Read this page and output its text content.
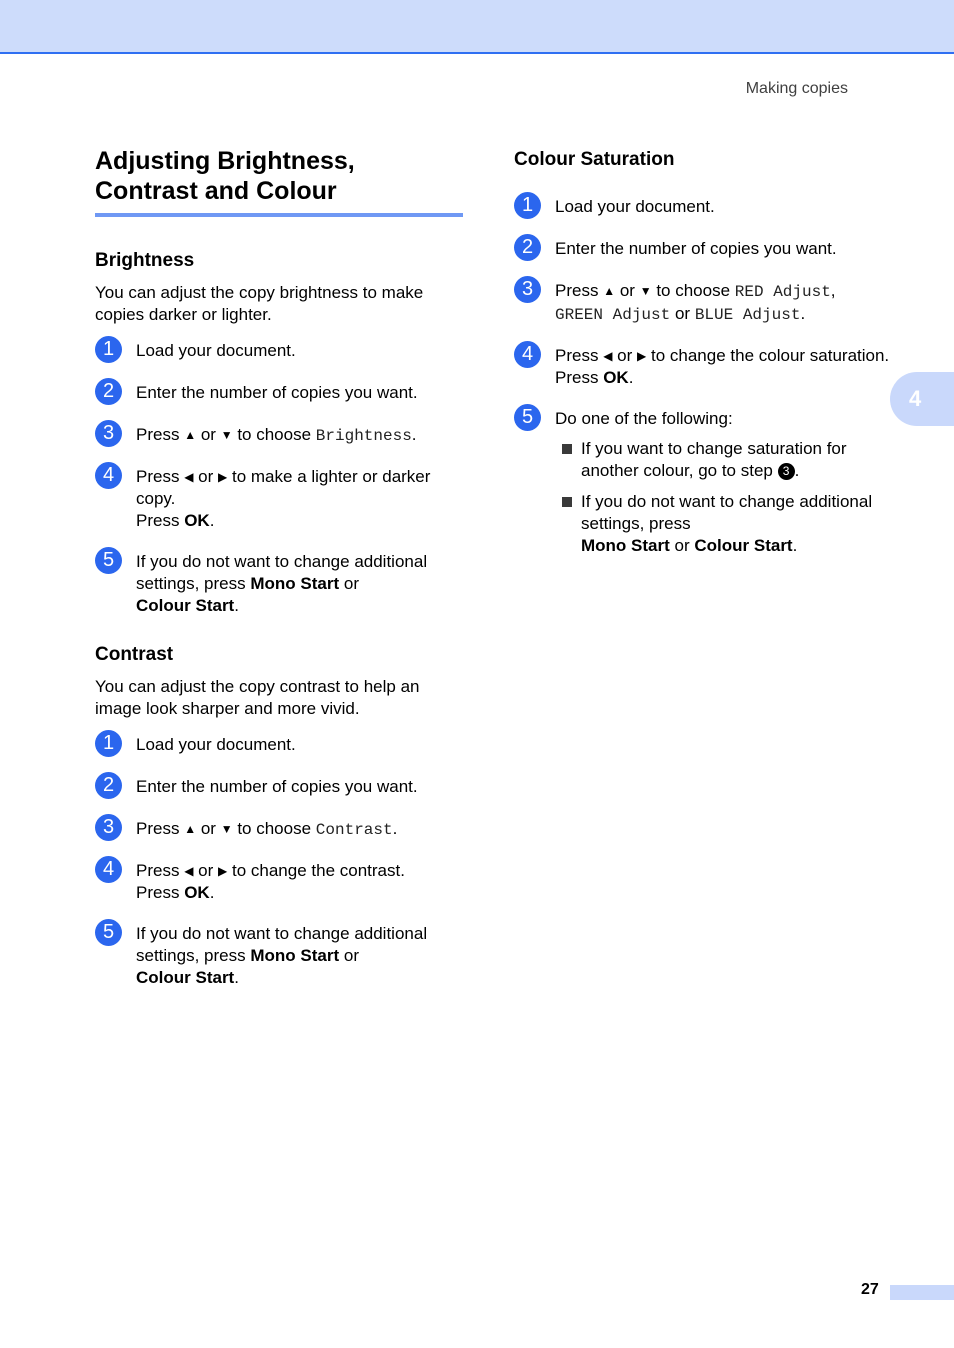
Making copies
4
Adjusting Brightness,
Contrast and Colour
Brightness

You can adjust the copy brightness to make copies darker or lighter.

1	Load your document.
2	Enter the number of copies you want.
3	Press ▲ or ▼ to choose Brightness.
4	Press ◀ or ▶ to make a lighter or darker copy.
Press OK.
5	If you do not want to change additional settings, press Mono Start or
Colour Start.
Contrast

You can adjust the copy contrast to help an image look sharper and more vivid.

1	Load your document.
2	Enter the number of copies you want.
3	Press ▲ or ▼ to choose Contrast.
4	Press ◀ or ▶ to change the contrast.
Press OK.
5	If you do not want to change additional settings, press Mono Start or
Colour Start.
Colour Saturation
1	Load your document.
2	Enter the number of copies you want.
3	Press ▲ or ▼ to choose RED Adjust,
GREEN Adjust or BLUE Adjust.
4	Press ◀ or ▶ to change the colour saturation.
Press OK.
5	Do one of the following:
If you want to change saturation for another colour, go to step 3 .
If you do not want to change additional settings, press
Mono Start or Colour Start.
27
